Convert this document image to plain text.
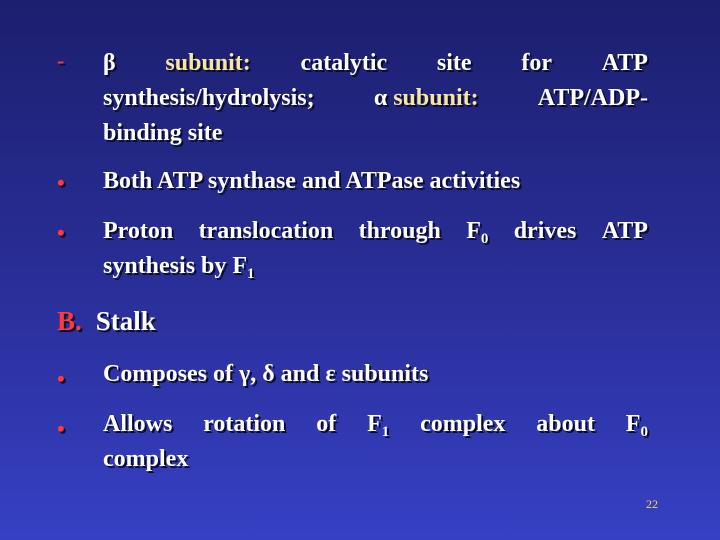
- β subunit: catalytic site for ATP
synthesis/hydrolysis; α subunit: ATP/ADP-
binding site
• Both ATP synthase and ATPase activities
• Proton translocation through $F_0$ drives ATP
synthesis by $F_1$
B. Stalk
• Composes of γ, δ and ε subunits
• Allows rotation of $F_1$ complex about $F_0$
complex
22
